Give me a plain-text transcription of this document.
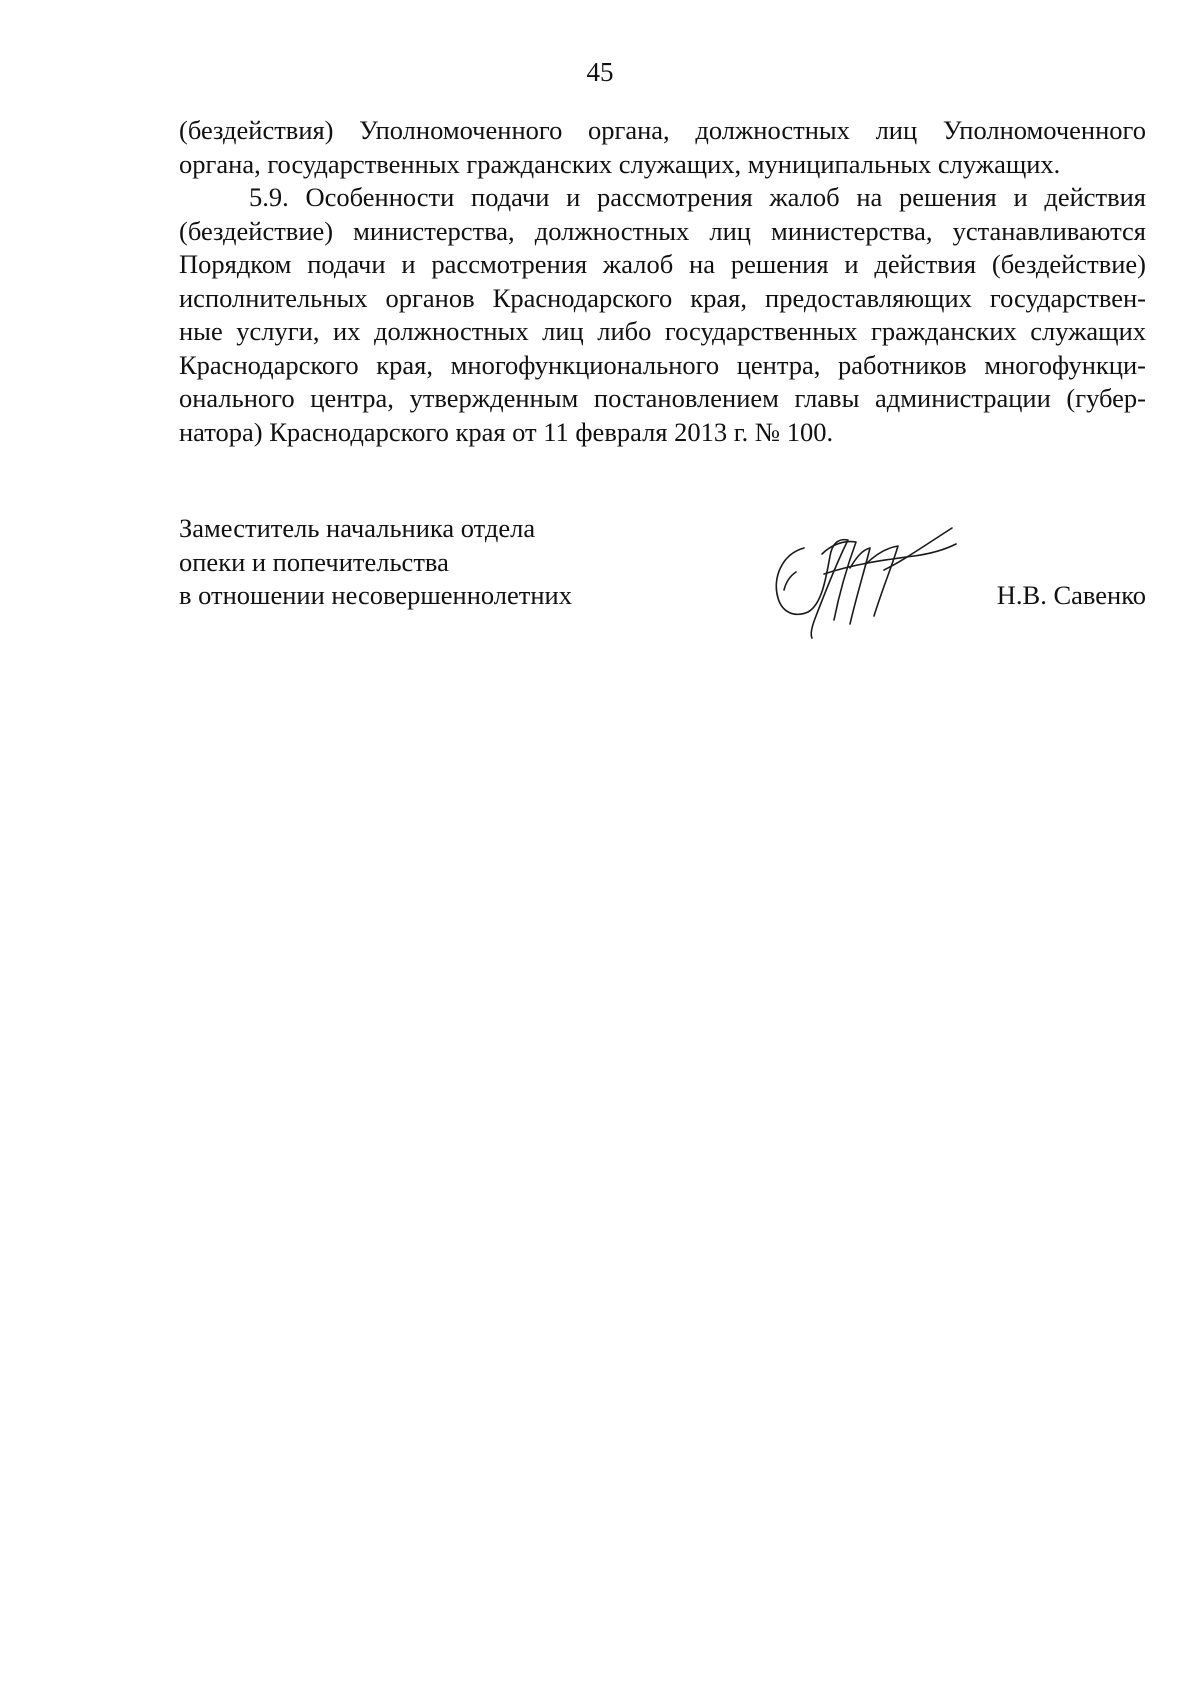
45
(бездействия) Уполномоченного органа, должностных лиц Уполномоченного
органа, государственных гражданских служащих, муниципальных служащих.
5.9. Особенности подачи и рассмотрения жалоб на решения и действия
(бездействие) министерства, должностных лиц министерства, устанавливаются
Порядком подачи и рассмотрения жалоб на решения и действия (бездействие)
исполнительных органов Краснодарского края, предоставляющих государствен-
ные услуги, их должностных лиц либо государственных гражданских служащих
Краснодарского края, многофункционального центра, работников многофункци-
онального центра, утвержденным постановлением главы администрации (губер-
натора) Краснодарского края от 11 февраля 2013 г. № 100.
Заместитель начальника отдела
опеки и попечительства
в отношении несовершеннолетних	Н.В. Савенко
